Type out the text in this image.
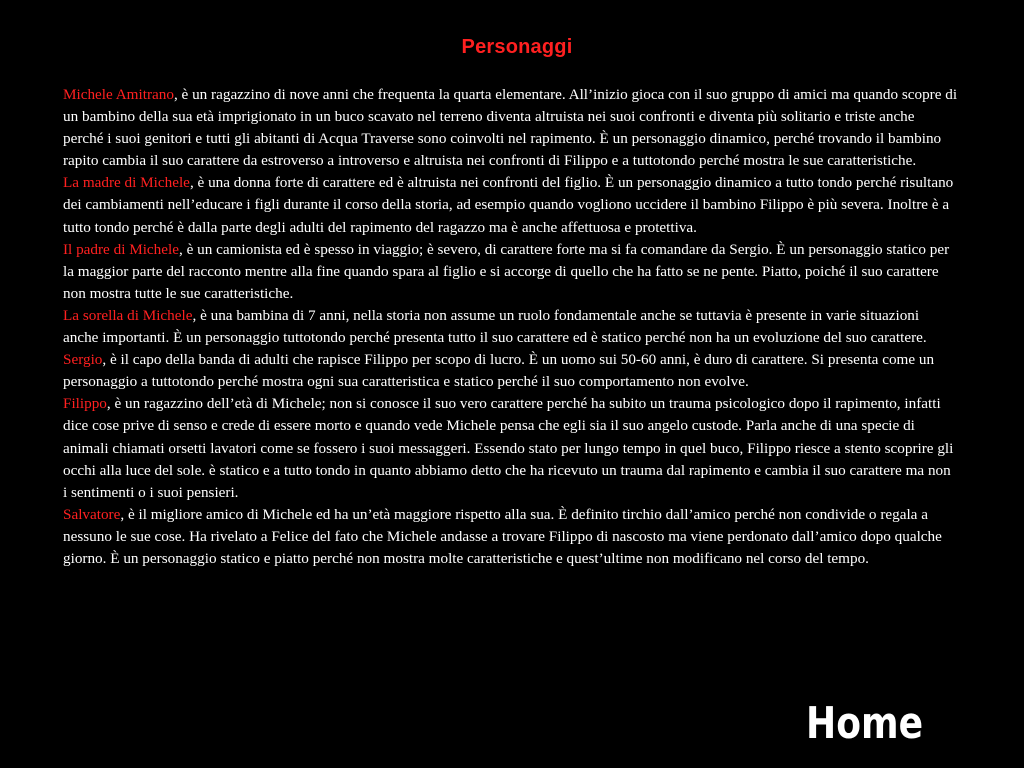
Personaggi

Michele Amitrano, è un ragazzino di nove anni che frequenta la quarta elementare. All’inizio gioca con il suo gruppo di amici ma quando scopre di un bambino della sua età imprigionato in un buco scavato nel terreno diventa altruista nei suoi confronti e diventa più solitario e triste anche perché i suoi genitori e tutti gli abitanti di Acqua Traverse sono coinvolti nel rapimento. È un personaggio dinamico, perché trovando il bambino rapito cambia il suo carattere da estroverso a introverso e altruista nei confronti di Filippo e a tuttotondo perché mostra le sue caratteristiche.

La madre di Michele, è una donna forte di carattere ed è altruista nei confronti del figlio. È un personaggio dinamico a tutto tondo perché risultano dei cambiamenti nell’educare i figli durante il corso della storia, ad esempio quando vogliono uccidere il bambino Filippo è più severa. Inoltre è a tutto tondo perché è dalla parte degli adulti del rapimento del ragazzo ma è anche affettuosa e protettiva.

Il padre di Michele, è un camionista ed è spesso in viaggio; è severo, di carattere forte ma si fa comandare da Sergio. È un personaggio statico per la maggior parte del racconto mentre alla fine quando spara al figlio e si accorge di quello che ha fatto se ne pente. Piatto, poiché il suo carattere non mostra tutte le sue caratteristiche.

La sorella di Michele, è una bambina di 7 anni, nella storia non assume un ruolo fondamentale anche se tuttavia è presente in varie situazioni anche importanti. È un personaggio tuttotondo perché presenta tutto il suo carattere ed è statico perché non ha un evoluzione del suo carattere.

Sergio, è il capo della banda di adulti che rapisce Filippo per scopo di lucro. È un uomo sui 50-60 anni, è duro di carattere. Si presenta come un personaggio a tuttotondo perché mostra ogni sua caratteristica e statico perché il suo comportamento non evolve.

Filippo, è un ragazzino dell’età di Michele; non si conosce il suo vero carattere perché ha subito un trauma psicologico dopo il rapimento, infatti dice cose prive di senso e crede di essere morto e quando vede Michele pensa che egli sia il suo angelo custode. Parla anche di una specie di animali chiamati orsetti lavatori come se fossero i suoi messaggeri. Essendo stato per lungo tempo in quel buco, Filippo riesce a stento scoprire gli occhi alla luce del sole. è statico e a tutto tondo in quanto abbiamo detto che ha ricevuto un trauma dal rapimento e cambia il suo carattere ma non i sentimenti o i suoi pensieri.

Salvatore, è il migliore amico di Michele ed ha un’età maggiore rispetto alla sua. È definito tirchio dall’amico perché non condivide o regala a nessuno le sue cose. Ha rivelato a Felice del fato che Michele andasse a trovare Filippo di nascosto ma viene perdonato dall’amico dopo qualche giorno. È un personaggio statico e piatto perché non mostra molte caratteristiche e quest’ultime non modificano nel corso del tempo.

Home
